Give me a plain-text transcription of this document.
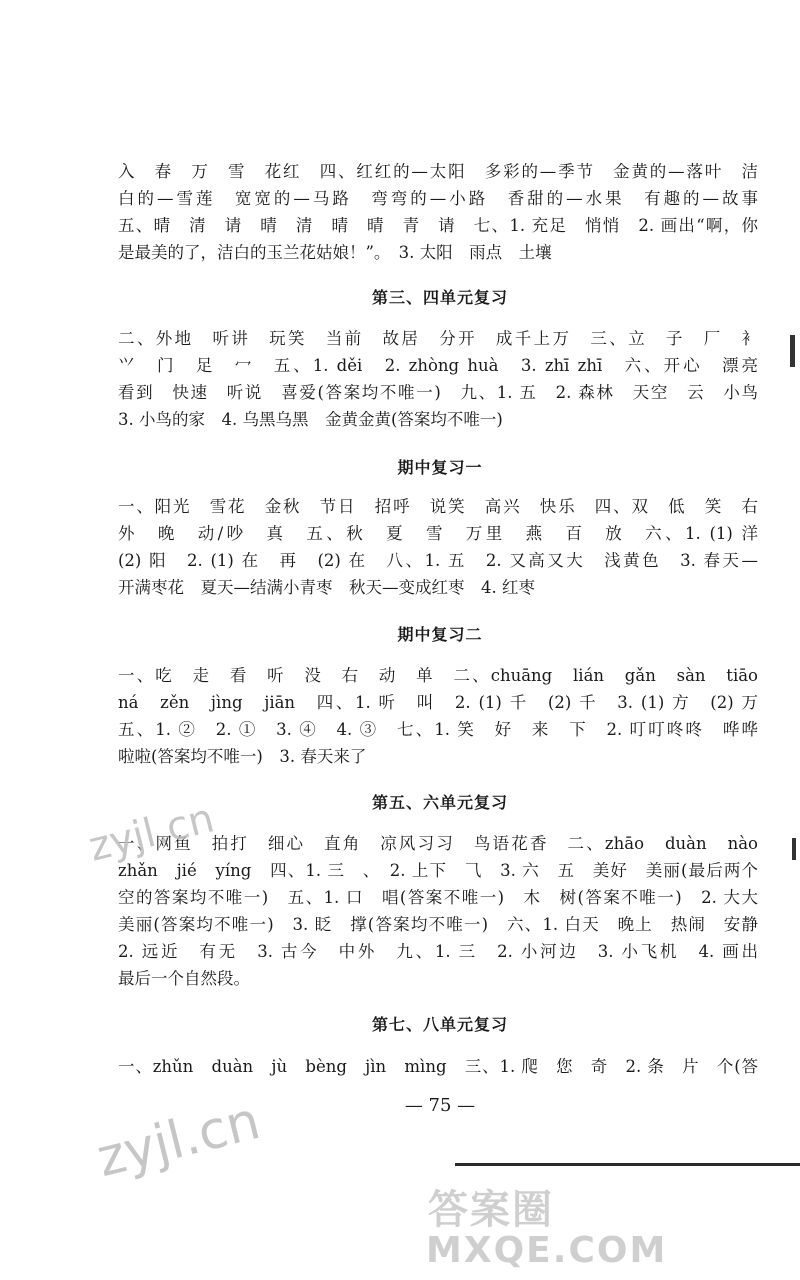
入　春　万　雪　花红　四、红红的—太阳　多彩的—季节　金黄的—落叶　洁
白的—雪莲　宽宽的—马路　弯弯的—小路　香甜的—水果　有趣的—故事
五、晴　清　请　晴　清　晴　晴　青　请　七、1. 充足　悄悄　2. 画出“啊，你
是最美的了，洁白的玉兰花姑娘！”。　3. 太阳　雨点　土壤
第三、四单元复习
二、外地　听讲　玩笑　当前　故居　分开　成千上万　三、立　子　厂　衤
⺍　门　足　冖　五、1. děi　2. zhòng huà　3. zhī zhī　六、开心　漂亮
看到　快速　听说　喜爱(答案均不唯一)　九、1. 五　2. 森林　天空　云　小鸟
3. 小鸟的家　4. 乌黑乌黑　金黄金黄(答案均不唯一)
期中复习一
一、阳光　雪花　金秋　节日　招呼　说笑　高兴　快乐　四、双　低　笑　右
外　晚　动/吵　真　五、秋　夏　雪　万里　燕　百　放　六、1. (1) 洋
(2) 阳　2. (1) 在　再　(2) 在　八、1. 五　2. 又高又大　浅黄色　3. 春天—
开满枣花　夏天—结满小青枣　秋天—变成红枣　4. 红枣
期中复习二
一、吃　走　看　听　没　右　动　单　二、chuāng　lián　gǎn　sàn　tiāo
ná　zěn　jìng　jiān　四、1. 听　叫　2. (1) 千　(2) 千　3. (1) 方　(2) 万
五、1. ②　2. ①　3. ④　4. ③　七、1. 笑　好　来　下　2. 叮叮咚咚　哗哗
啦啦(答案均不唯一)　3. 春天来了
第五、六单元复习
一、网鱼　拍打　细心　直角　凉风习习　鸟语花香　二、zhāo　duàn　nào
zhǎn　jié　yíng　四、1. 三　、　2. 上下　⺄　3. 六　五　美好　美丽(最后两个
空的答案均不唯一)　五、1. 口　唱(答案不唯一)　木　树(答案不唯一)　2. 大大
美丽(答案均不唯一)　3. 眨　撑(答案均不唯一)　六、1. 白天　晚上　热闹　安静
2. 远近　有无　3. 古今　中外　九、1. 三　2. 小河边　3. 小飞机　4. 画出
最后一个自然段。
第七、八单元复习
一、zhǔn　duàn　jù　bèng　jìn　mìng　三、1. 爬　您　奇　2. 条　片　个(答
— 75 —
zyjl.cn
zyjl.cn
答案圈
MXQE.COM
